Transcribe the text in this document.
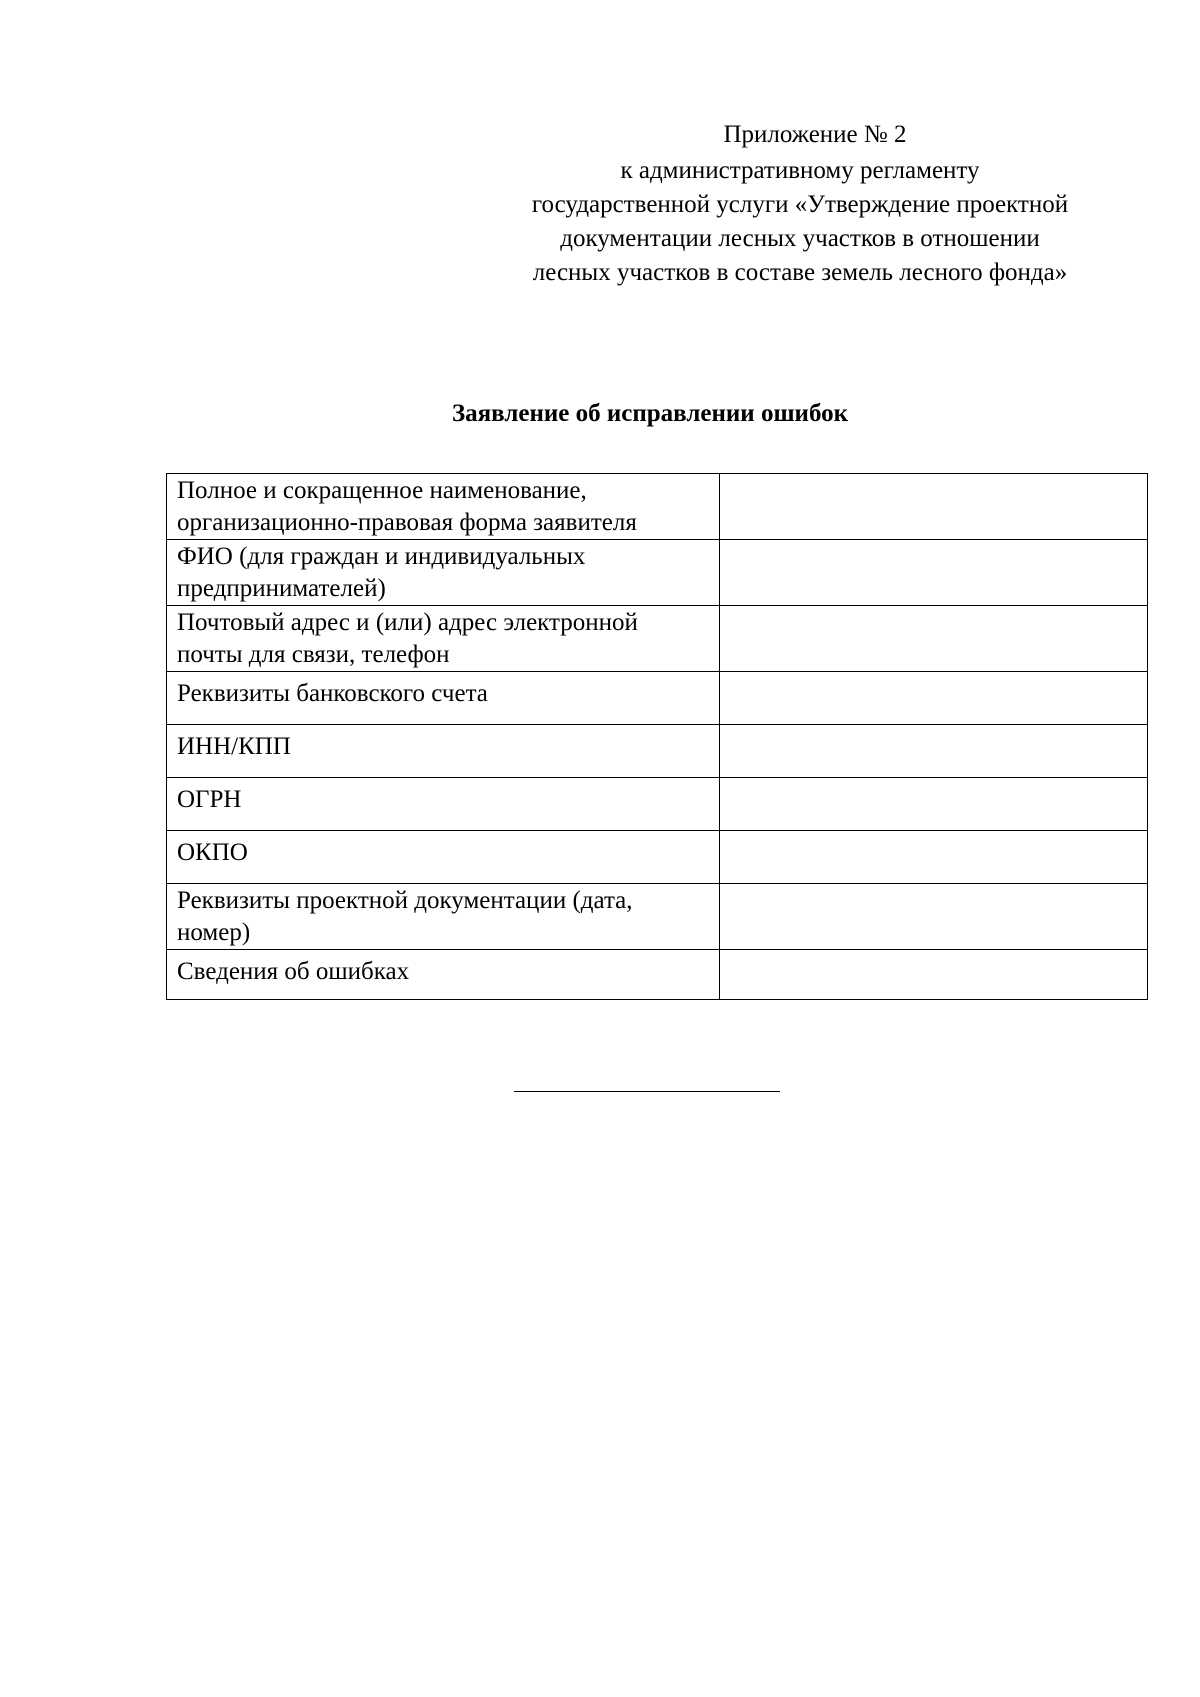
Приложение № 2
к административному регламенту
государственной услуги «Утверждение проектной
документации лесных участков в отношении
лесных участков в составе земель лесного фонда»
Заявление об исправлении ошибок
Полное и сокращенное наименование, организационно-правовая форма заявителя	
ФИО (для граждан и индивидуальных предпринимателей)	
Почтовый адрес и (или) адрес электронной почты для связи, телефон	
Реквизиты банковского счета	
ИНН/КПП	
ОГРН	
ОКПО	
Реквизиты проектной документации (дата, номер)	
Сведения об ошибках	
